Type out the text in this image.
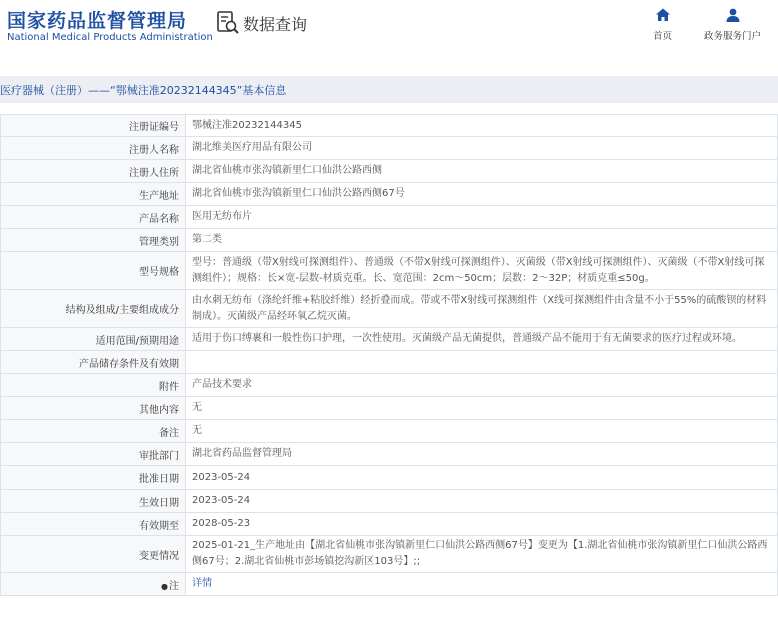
国家药品监督管理局
National Medical Products Administration
数据查询
首页	政务服务门户
医疗器械（注册）——“鄂械注准20232144345”基本信息
注册证编号	鄂械注准20232144345
注册人名称	湖北维美医疗用品有限公司
注册人住所	湖北省仙桃市张沟镇新里仁口仙洪公路西侧
生产地址	湖北省仙桃市张沟镇新里仁口仙洪公路西侧67号
产品名称	医用无纺布片
管理类别	第二类
型号规格	型号：普通级（带X射线可探测组件）、普通级（不带X射线可探测组件）、灭菌级（带X射线可探测组件）、灭菌级（不带X射线可探测组件）；规格：长×宽-层数-材质克重。长、宽范围：2cm～50cm；层数：2～32P；材质克重≤50g。
结构及组成/主要组成成分	由水刺无纺布（涤纶纤维+粘胶纤维）经折叠而成。带或不带X射线可探测组件（X线可探测组件由含量不小于55%的硫酸钡的材料制成）。灭菌级产品经环氧乙烷灭菌。
适用范围/预期用途	适用于伤口缚裹和一般性伤口护理，一次性使用。灭菌级产品无菌提供，普通级产品不能用于有无菌要求的医疗过程或环境。
产品储存条件及有效期	
附件	产品技术要求
其他内容	无
备注	无
审批部门	湖北省药品监督管理局
批准日期	2023-05-24
生效日期	2023-05-24
有效期至	2028-05-23
变更情况	2025-01-21_生产地址由【湖北省仙桃市张沟镇新里仁口仙洪公路西侧67号】变更为【1.湖北省仙桃市张沟镇新里仁口仙洪公路西侧67号；2.湖北省仙桃市彭场镇挖沟新区103号】;;
●注	详情
